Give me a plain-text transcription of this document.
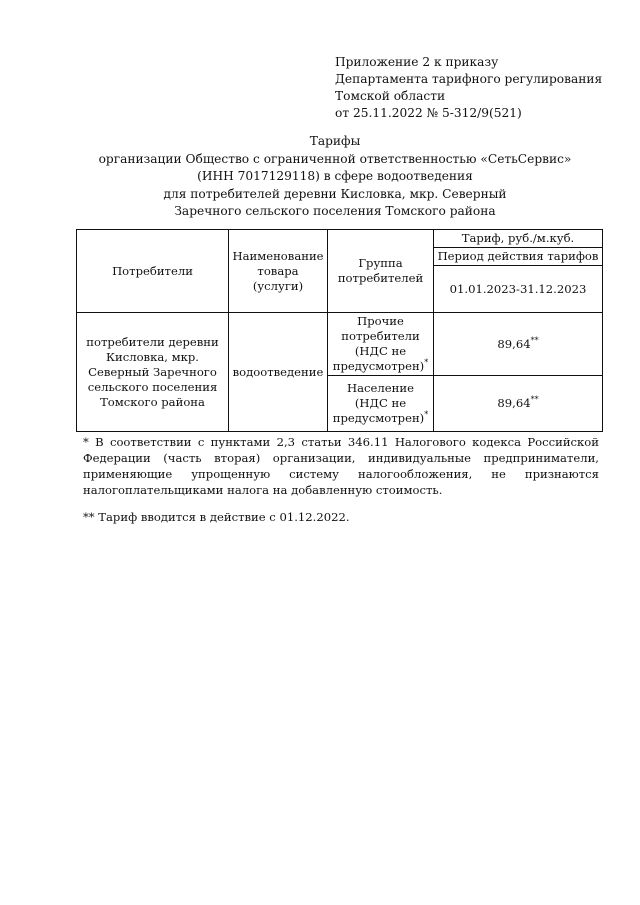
Приложение 2 к приказу
Департамента тарифного регулирования
Томской области
от 25.11.2022 № 5-312/9(521)
Тарифы
организации Общество с ограниченной ответственностью «СетьСервис»
(ИНН 7017129118) в сфере водоотведения
для потребителей деревни Кисловка, мкр. Северный
Заречного сельского поселения Томского района
Потребители	Наименование товара (услуги)	Группа потребителей	Тариф, руб./м.куб.
			Период действия тарифов
			01.01.2023-31.12.2023
потребители деревни Кисловка, мкр. Северный Заречного сельского поселения Томского района	водоотведение	Прочие потребители (НДС не предусмотрен)*	89,64**
		Население (НДС не предусмотрен)*	89,64**

* В соответствии с пунктами 2,3 статьи 346.11 Налогового кодекса Российской Федерации (часть вторая) организации, индивидуальные предприниматели, применяющие упрощенную систему налогообложения, не признаются налогоплательщиками налога на добавленную стоимость.

** Тариф вводится в действие с 01.12.2022.
